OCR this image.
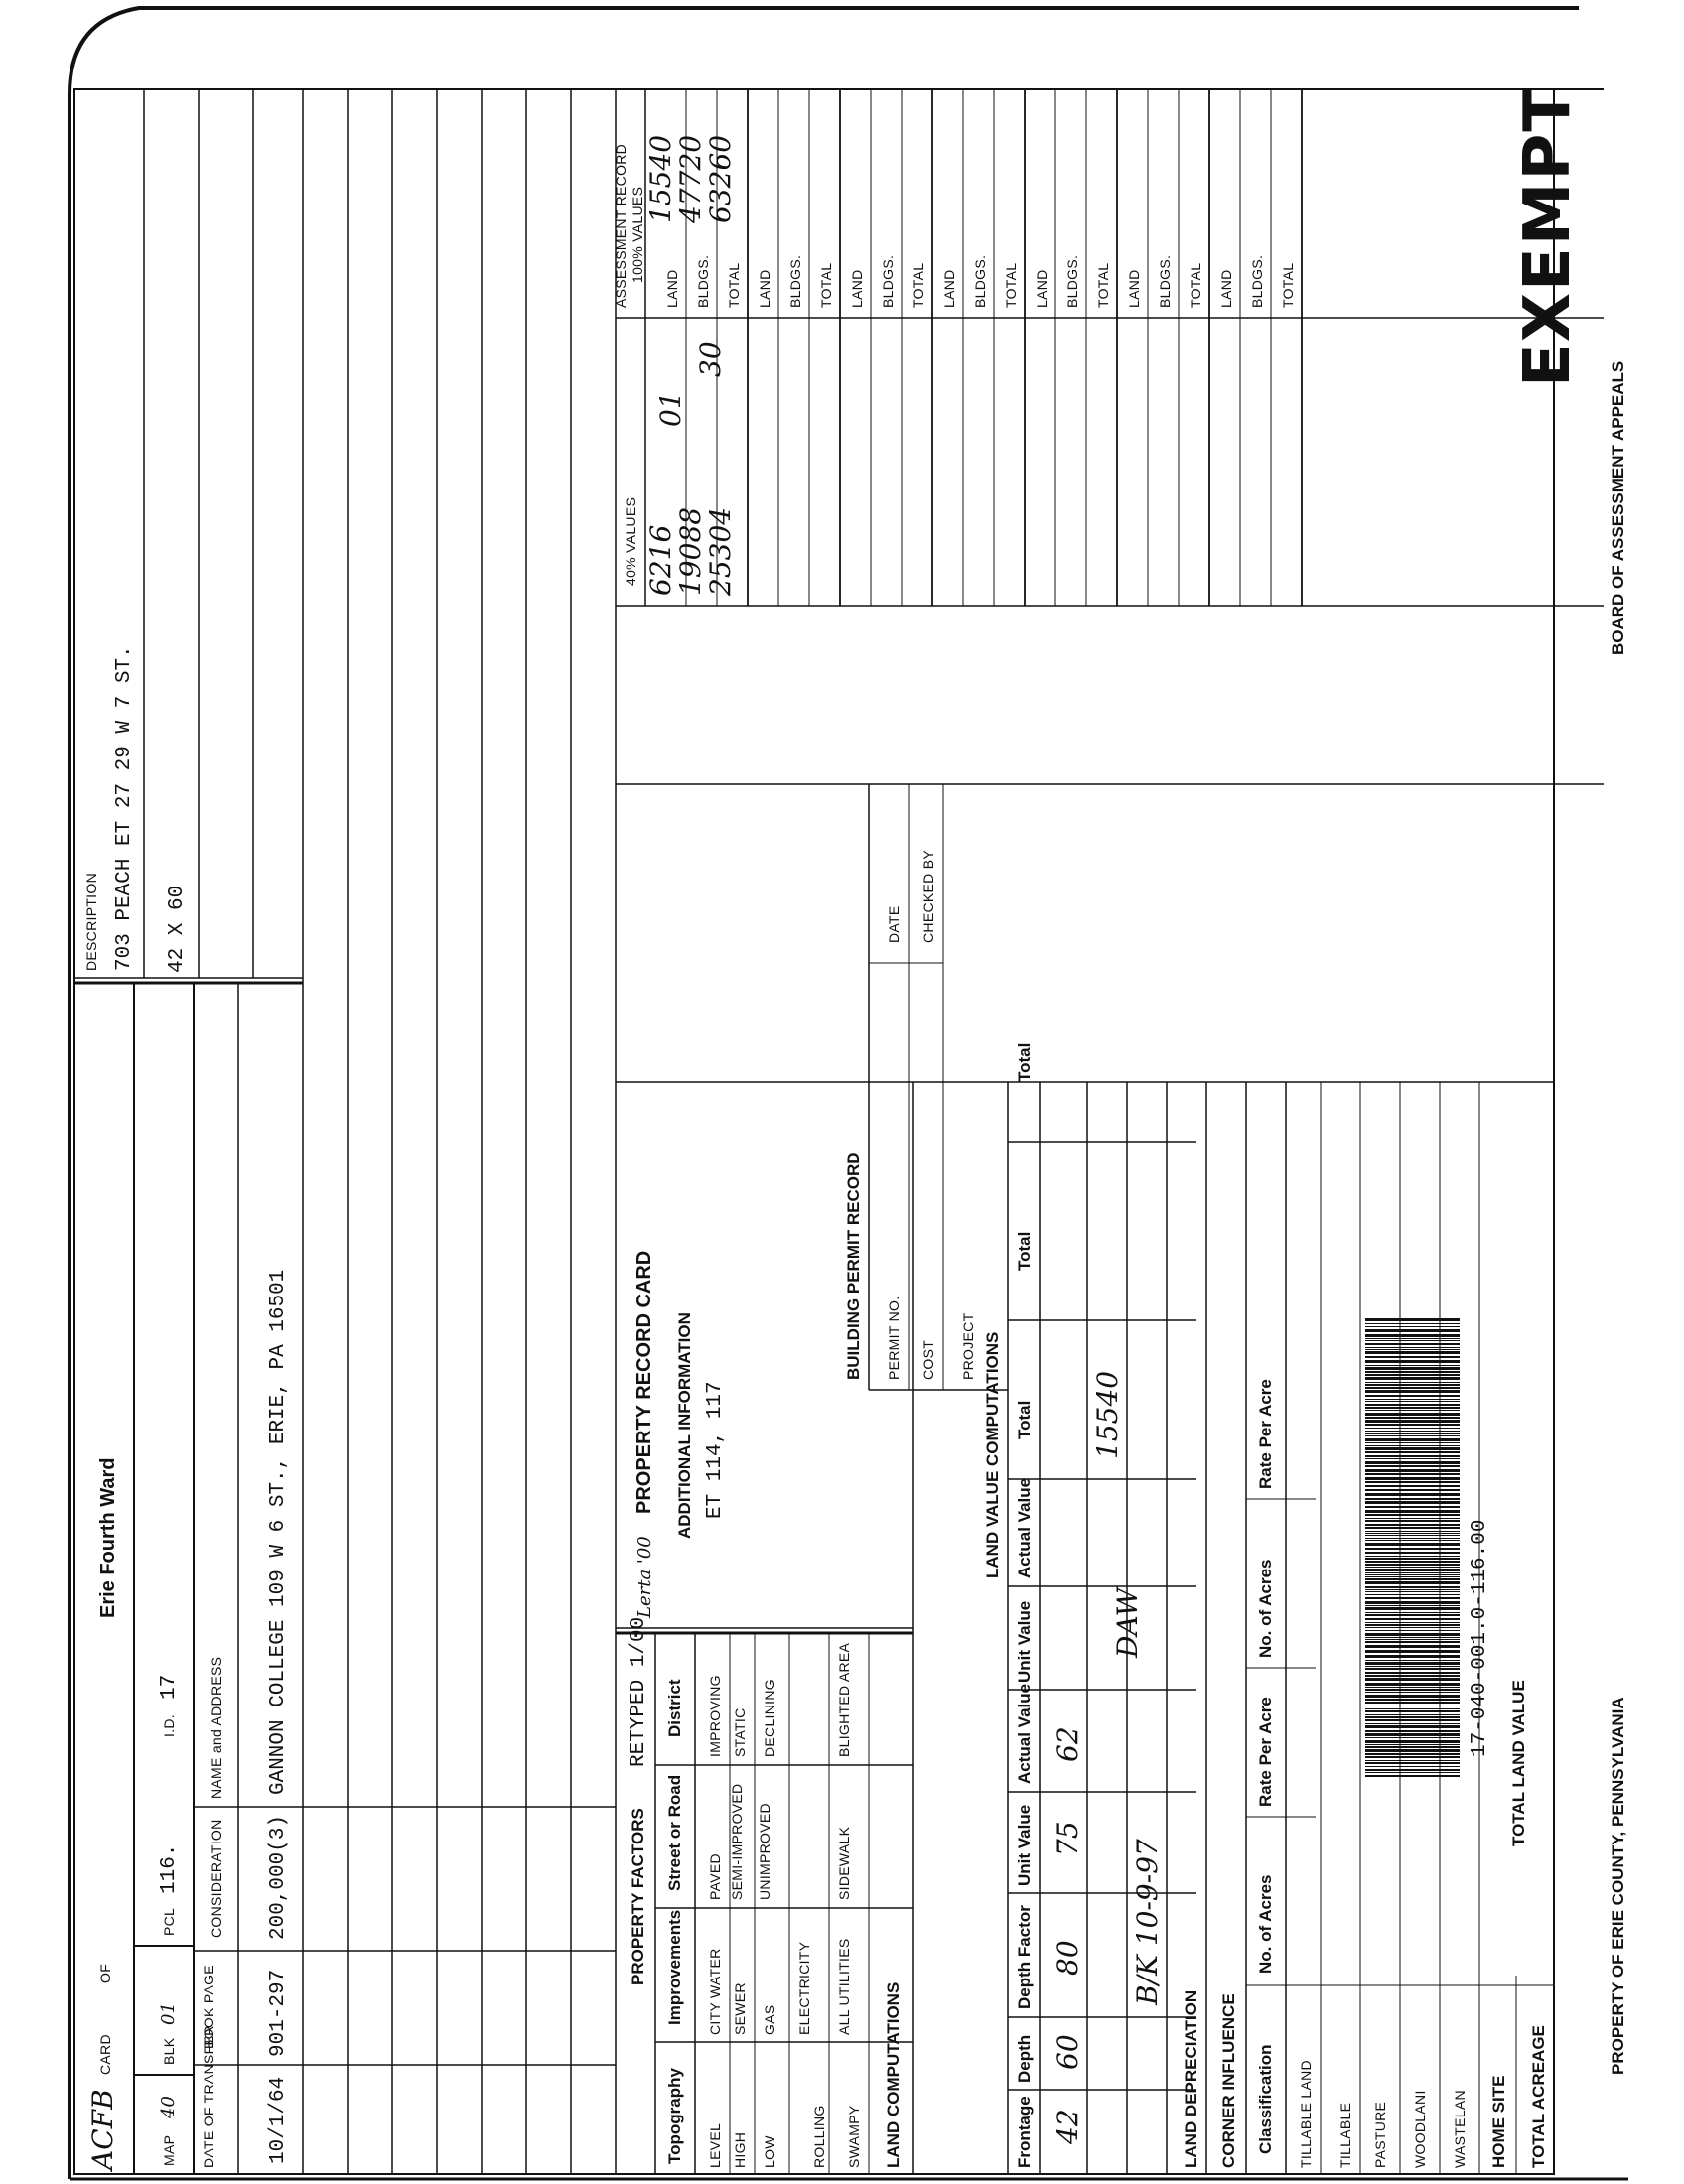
ACFB
CARD
OF
Erie Fourth Ward
MAP
40
BLK
01
PCL
116.
I.D.
17
DATE OF TRANSFER
BOOK PAGE
CONSIDERATION
NAME and ADDRESS
10/1/64
901-297
200,000(3)
GANNON COLLEGE 109 W 6 ST., ERIE, PA 16501
DESCRIPTION 703 PEACH ET 27 29 W 7 ST. 42 X 60
PROPERTY FACTORS
RETYPED 1/00
Topography
Improvements
Street or Road
District
LEVEL HIGH LOW ROLLING SWAMPY
CITY WATER SEWER GAS ELECTRICITY ALL UTILITIES
PAVED SEMI-IMPROVED UNIMPROVED	SIDEWALK
IMPROVING STATIC DECLINING	BLIGHTED AREA
LAND COMPUTATIONS
LAND VALUE COMPUTATIONS
Frontage
Depth
Depth Factor
Unit Value
Actual Value
Unit Value
Actual Value
Total
Total
Total
42
60
80
75
62
15540
DAW
B/K 10-9-97
LAND DEPRECIATION CORNER INFLUENCE Classification
No. of Acres
Rate Per Acre
No. of Acres
Rate Per Acre
TILLABLE LAND TILLABLE PASTURE WOODLANI WASTELAN HOME SITE TOTAL ACREAGE
TOTAL LAND VALUE
17-040-001.0-116.00
Lerta '00
PROPERTY RECORD CARD ADDITIONAL INFORMATION ET 114, 117
BUILDING PERMIT RECORD PERMIT NO. COST PROJECT
DATE CHECKED BY
40% VALUES 6216
19088
25304
01
30
ASSESSMENT RECORD 100% VALUES
15540
47720
63260
LAND BLDGS. TOTAL LAND BLDGS. TOTAL LAND BLDGS. TOTAL LAND BLDGS. TOTAL LAND BLDGS. TOTAL LAND BLDGS. TOTAL LAND BLDGS. TOTAL
PROPERTY OF ERIE COUNTY, PENNSYLVANIA
BOARD OF ASSESSMENT APPEALS
EXEMPT
